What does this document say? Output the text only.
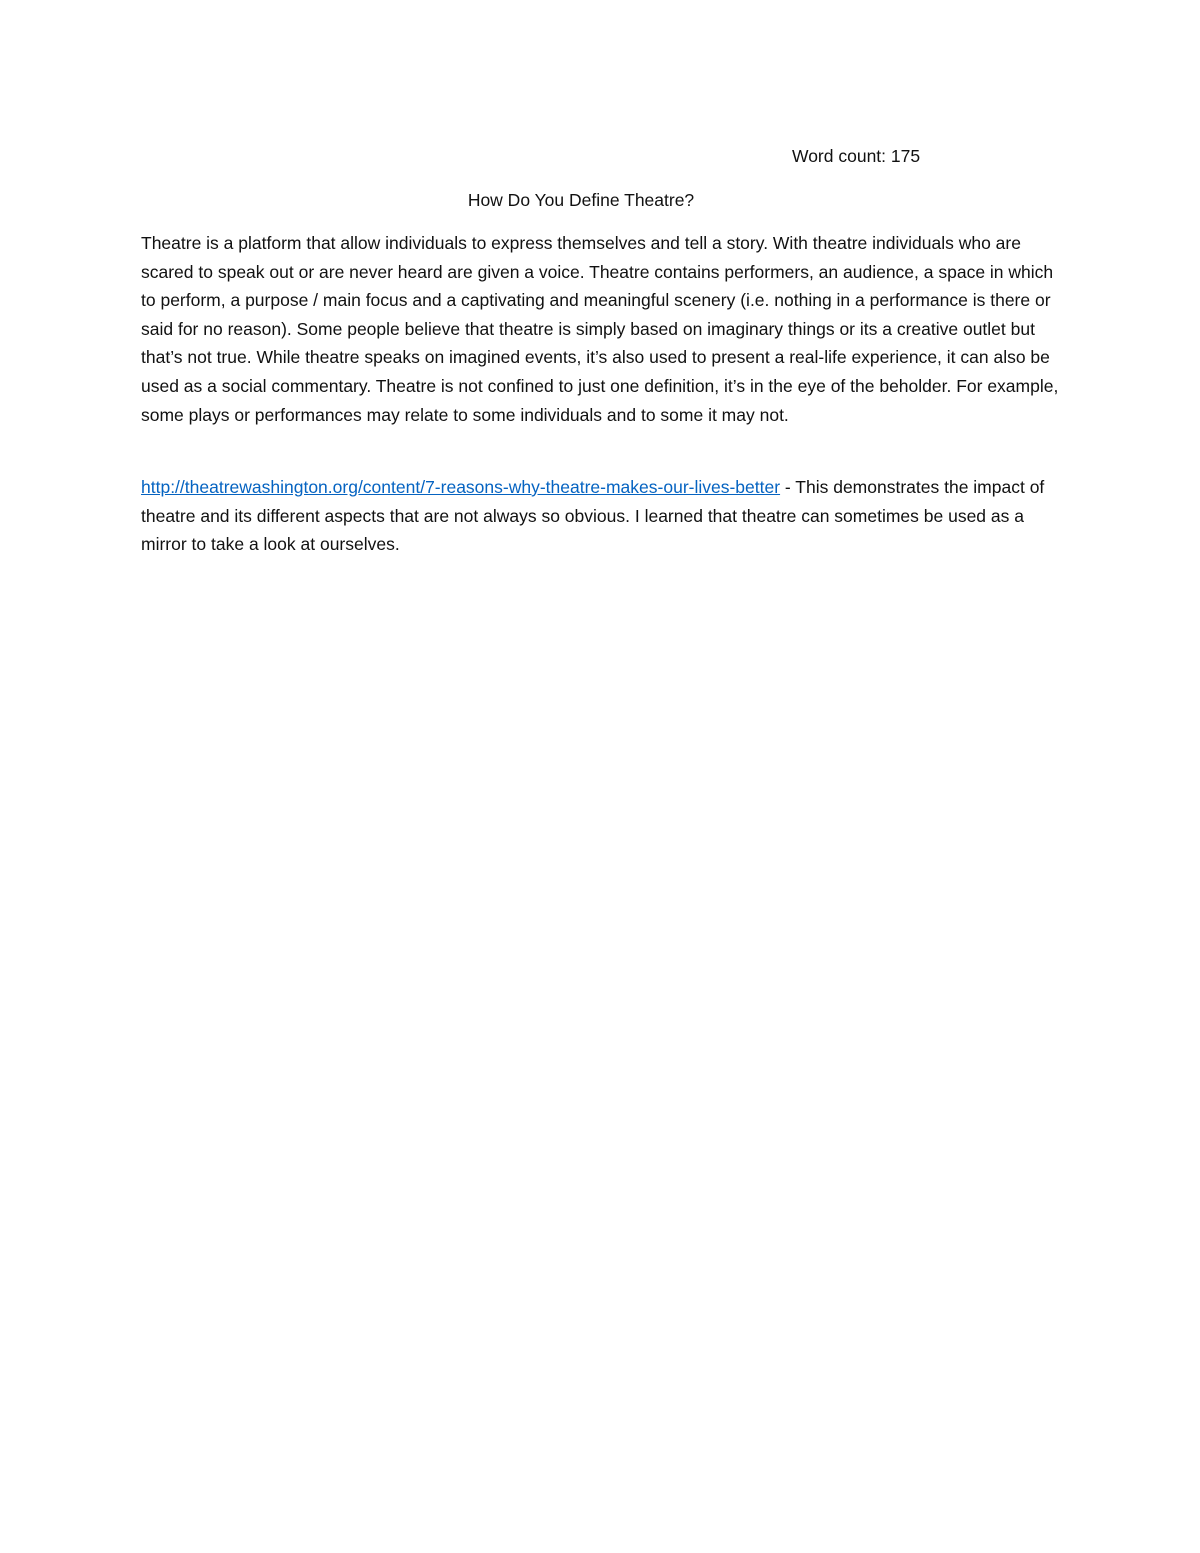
Word count: 175
How Do You Define Theatre?

Theatre is a platform that allow individuals to express themselves and tell a story. With theatre individuals who are scared to speak out or are never heard are given a voice. Theatre contains performers, an audience, a space in which to perform, a purpose / main focus and a captivating and meaningful scenery (i.e. nothing in a performance is there or said for no reason). Some people believe that theatre is simply based on imaginary things or its a creative outlet but that’s not true. While theatre speaks on imagined events, it’s also used to present a real-life experience, it can also be used as a social commentary. Theatre is not confined to just one definition, it’s in the eye of the beholder. For example, some plays or performances may relate to some individuals and to some it may not.

http://theatrewashington.org/content/7-reasons-why-theatre-makes-our-lives-better - This demonstrates the impact of theatre and its different aspects that are not always so obvious. I learned that theatre can sometimes be used as a mirror to take a look at ourselves.
